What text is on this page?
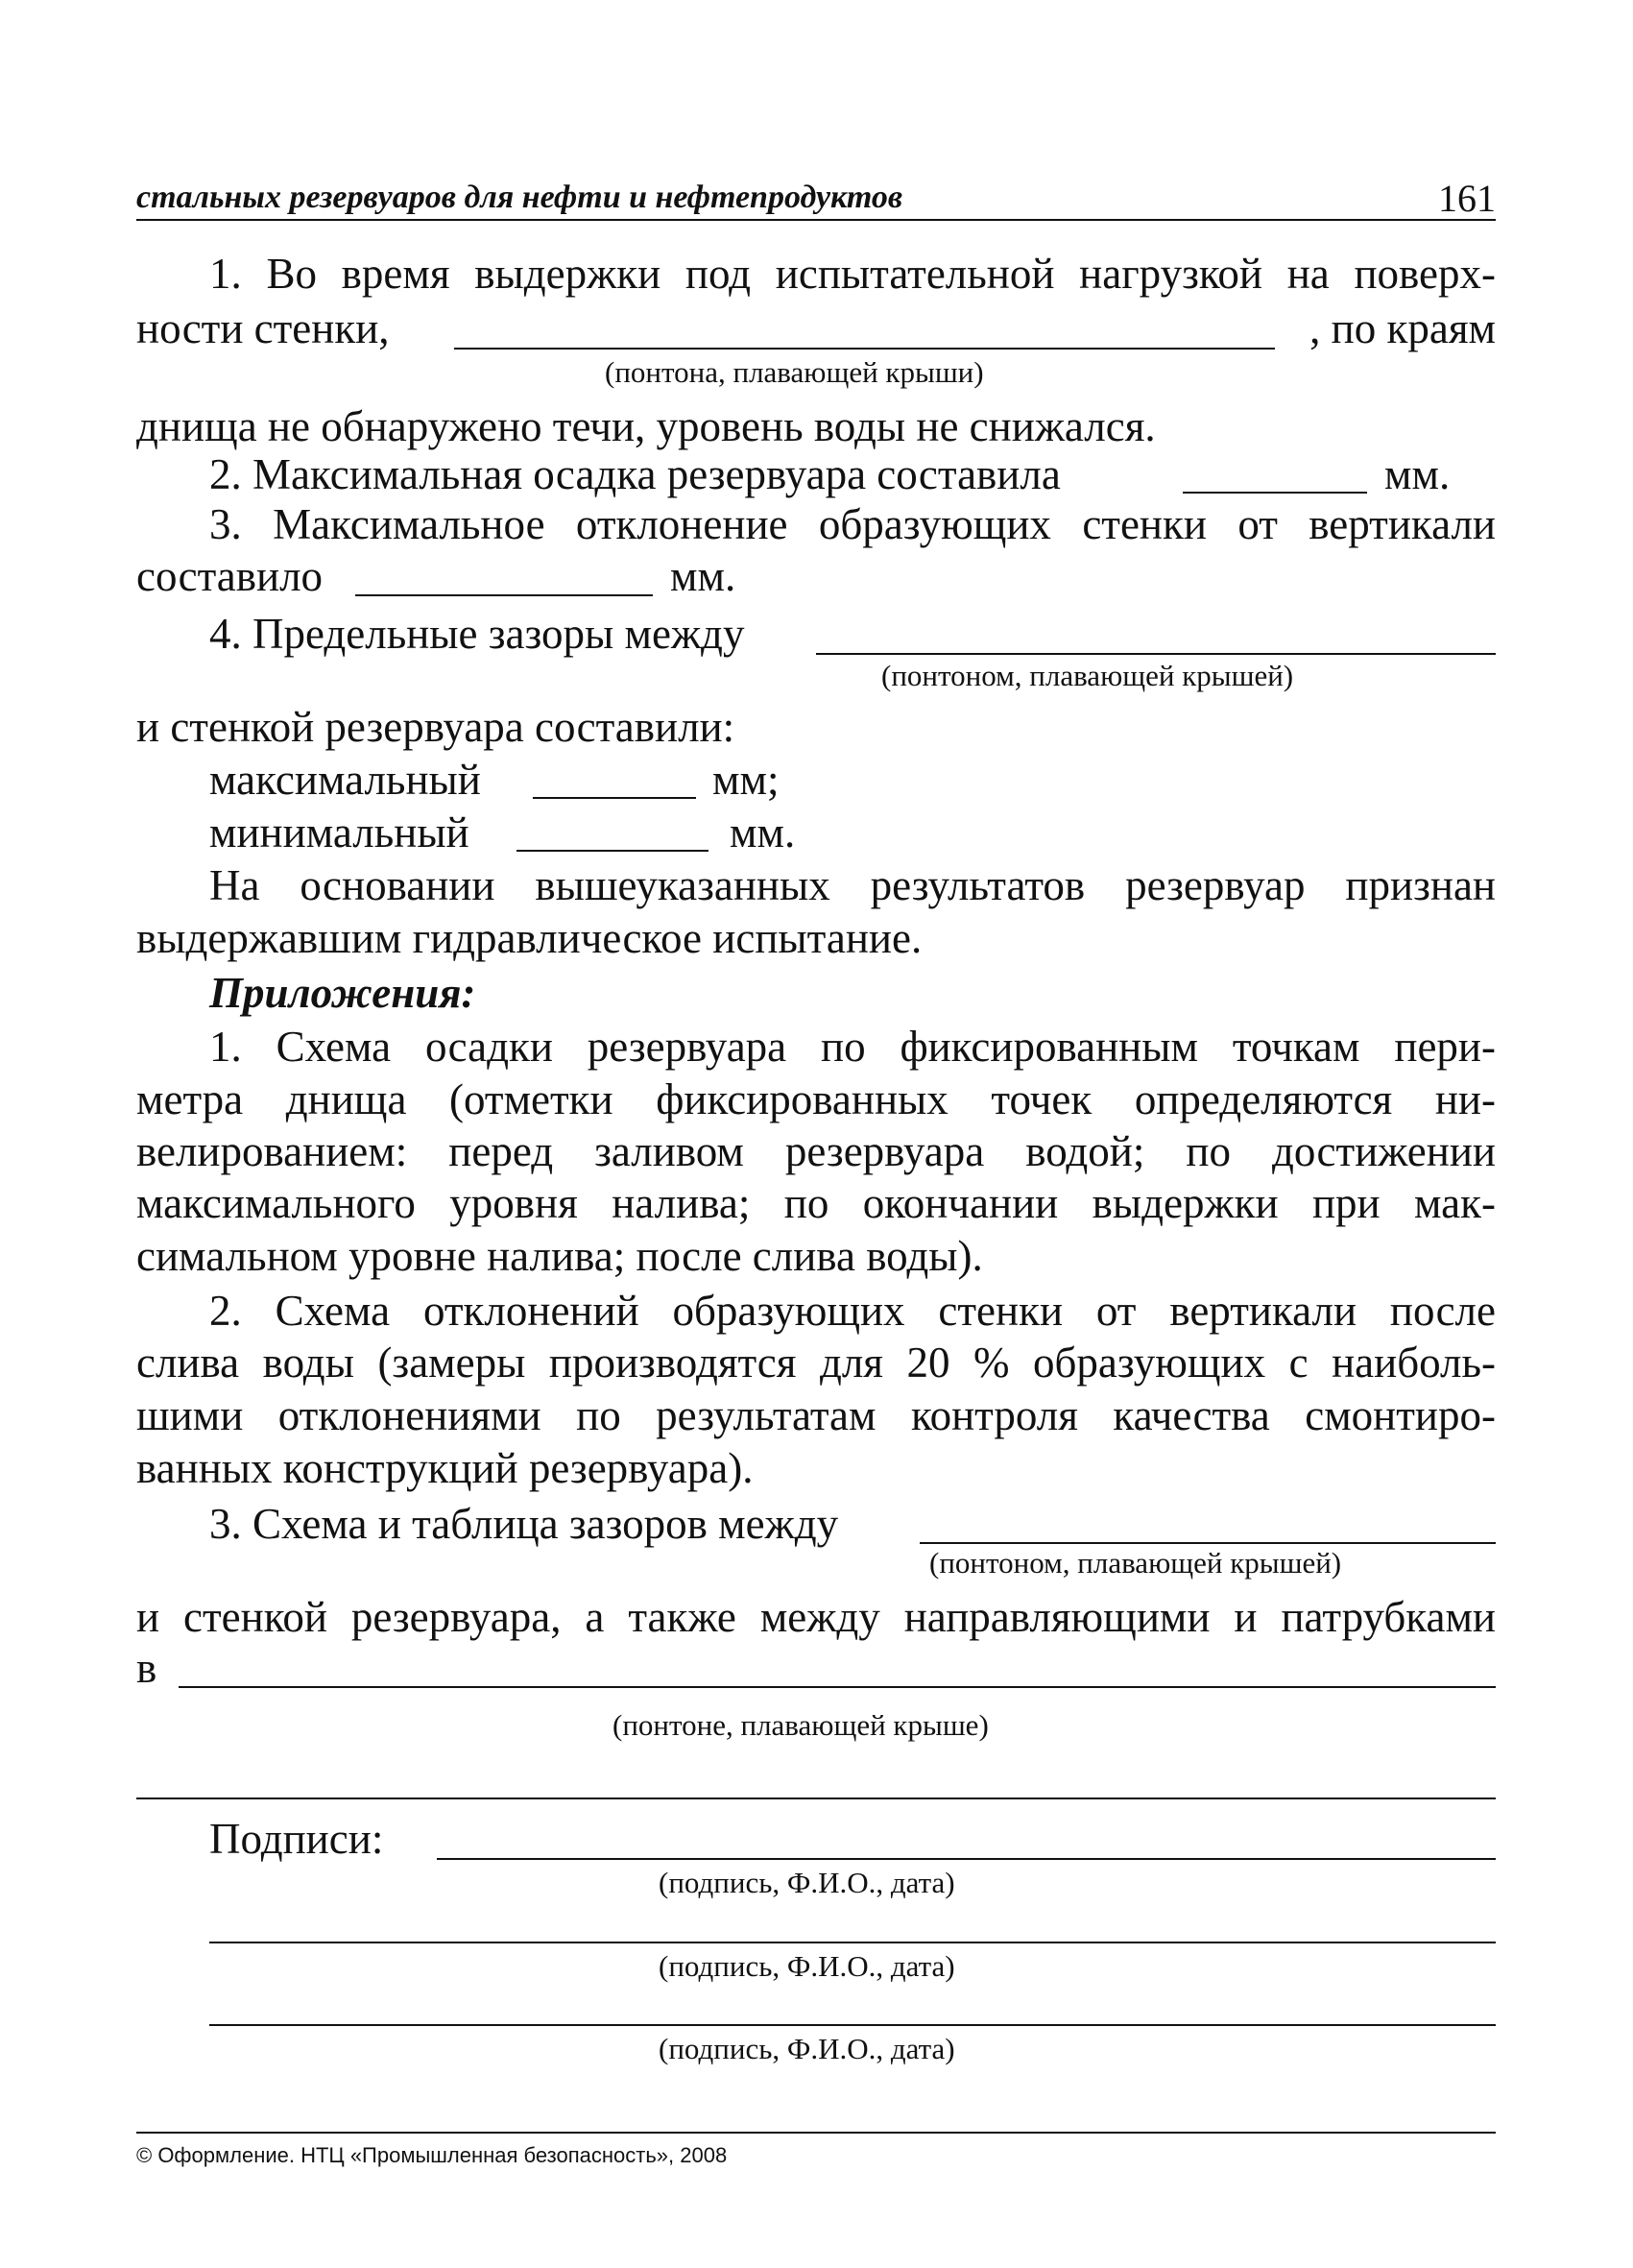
стальных резервуаров для нефти и нефтепродуктов	161
1. Во время выдержки под испытательной нагрузкой на поверх-
ности стенки,	, по краям
(понтона, плавающей крыши)
днища не обнаружено течи, уровень воды не снижался.
2. Максимальная осадка резервуара составила	мм.
3. Максимальное отклонение образующих стенки от вертикали
составило	мм.
4. Предельные зазоры между
(понтоном, плавающей крышей)
и стенкой резервуара составили:
максимальный	мм;
минимальный	мм.
На основании вышеуказанных результатов резервуар признан
выдержавшим гидравлическое испытание.
Приложения:
1. Схема осадки резервуара по фиксированным точкам пери-
метра днища (отметки фиксированных точек определяются ни-
велированием: перед заливом резервуара водой; по достижении
максимального уровня налива; по окончании выдержки при мак-
симальном уровне налива; после слива воды).
2. Схема отклонений образующих стенки от вертикали после
слива воды (замеры производятся для 20 % образующих с наиболь-
шими отклонениями по результатам контроля качества смонтиро-
ванных конструкций резервуара).
3. Схема и таблица зазоров между
(понтоном, плавающей крышей)
и стенкой резервуара, а также между направляющими и патрубками
в
(понтоне, плавающей крыше)
Подписи:
(подпись, Ф.И.О., дата)
(подпись, Ф.И.О., дата)
(подпись, Ф.И.О., дата)
© Оформление. НТЦ «Промышленная безопасность», 2008
